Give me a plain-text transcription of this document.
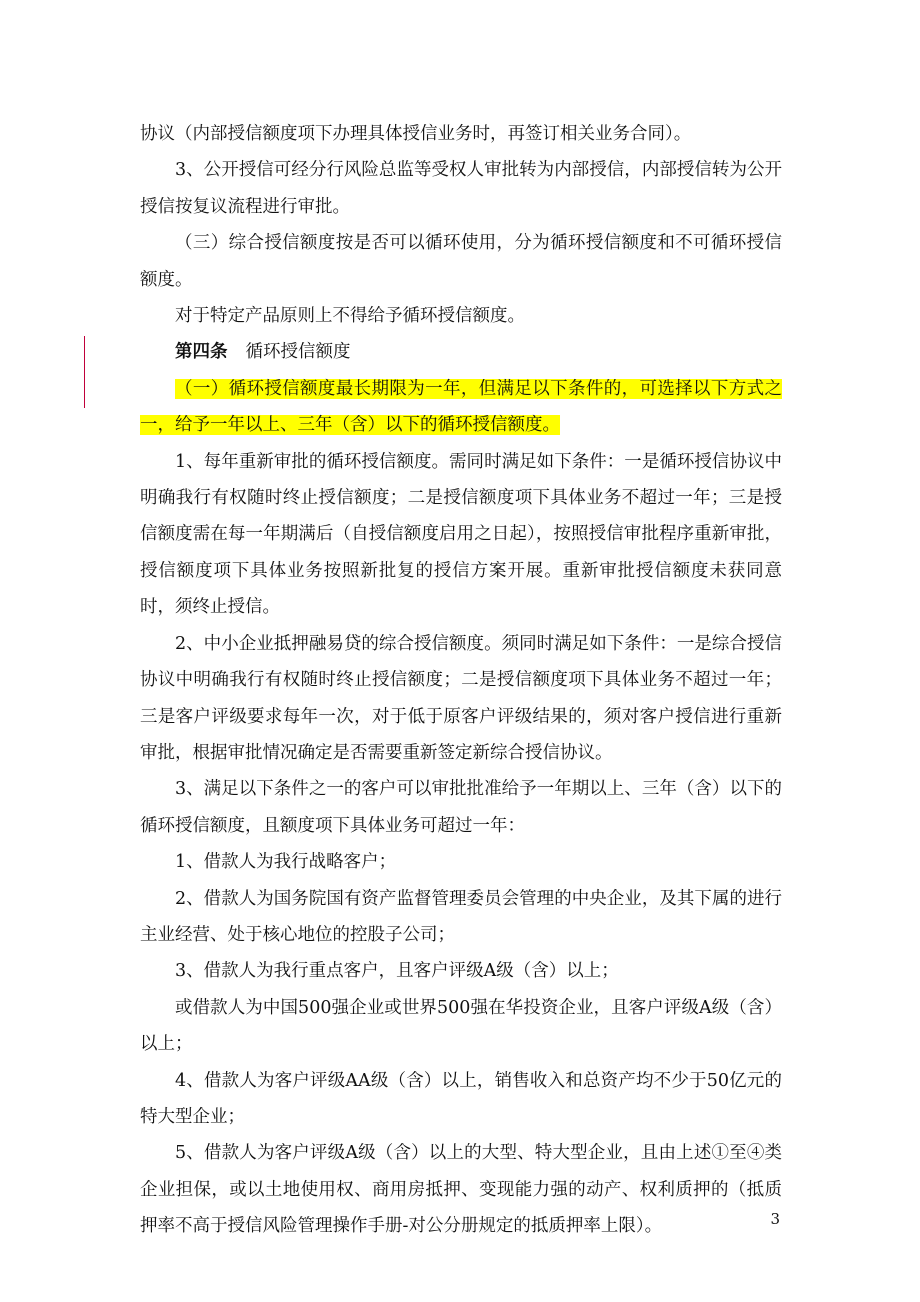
协议（内部授信额度项下办理具体授信业务时，再签订相关业务合同）。

3、公开授信可经分行风险总监等受权人审批转为内部授信，内部授信转为公开授信按复议流程进行审批。

（三）综合授信额度按是否可以循环使用，分为循环授信额度和不可循环授信额度。

对于特定产品原则上不得给予循环授信额度。

第四条 循环授信额度

（一）循环授信额度最长期限为一年，但满足以下条件的，可选择以下方式之一，给予一年以上、三年（含）以下的循环授信额度。

1、每年重新审批的循环授信额度。需同时满足如下条件：一是循环授信协议中明确我行有权随时终止授信额度；二是授信额度项下具体业务不超过一年；三是授信额度需在每一年期满后（自授信额度启用之日起），按照授信审批程序重新审批，授信额度项下具体业务按照新批复的授信方案开展。重新审批授信额度未获同意时，须终止授信。

2、中小企业抵押融易贷的综合授信额度。须同时满足如下条件：一是综合授信协议中明确我行有权随时终止授信额度；二是授信额度项下具体业务不超过一年；三是客户评级要求每年一次，对于低于原客户评级结果的，须对客户授信进行重新审批，根据审批情况确定是否需要重新签定新综合授信协议。

3、满足以下条件之一的客户可以审批批准给予一年期以上、三年（含）以下的循环授信额度，且额度项下具体业务可超过一年：

1、借款人为我行战略客户；

2、借款人为国务院国有资产监督管理委员会管理的中央企业，及其下属的进行主业经营、处于核心地位的控股子公司；

3、借款人为我行重点客户，且客户评级A级（含）以上；

或借款人为中国500强企业或世界500强在华投资企业，且客户评级A级（含）以上；

4、借款人为客户评级AA级（含）以上，销售收入和总资产均不少于50亿元的特大型企业；

5、借款人为客户评级A级（含）以上的大型、特大型企业，且由上述①至④类企业担保，或以土地使用权、商用房抵押、变现能力强的动产、权利质押的（抵质押率不高于授信风险管理操作手册-对公分册规定的抵质押率上限）。	3
